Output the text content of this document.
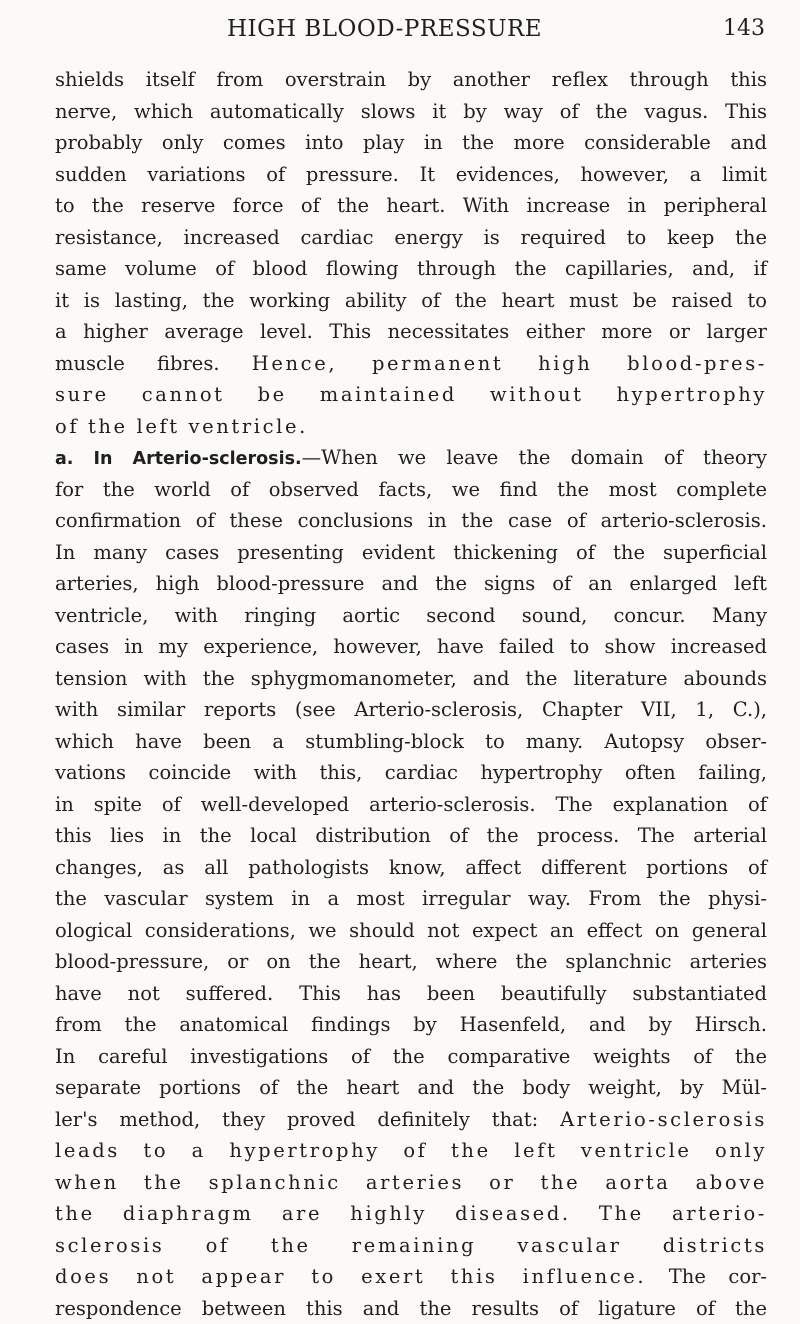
HIGH BLOOD-PRESSURE	143
shields itself from overstrain by another reflex through this
nerve, which automatically slows it by way of the vagus. This
probably only comes into play in the more considerable and
sudden variations of pressure. It evidences, however, a limit
to the reserve force of the heart. With increase in peripheral
resistance, increased cardiac energy is required to keep the
same volume of blood flowing through the capillaries, and, if
it is lasting, the working ability of the heart must be raised to
a higher average level. This necessitates either more or larger
muscle fibres. Hence, permanent high blood-pres-
sure cannot be maintained without hypertrophy
of the left ventricle.
a. In Arterio-sclerosis.—When we leave the domain of theory
for the world of observed facts, we find the most complete
confirmation of these conclusions in the case of arterio-sclerosis.
In many cases presenting evident thickening of the superficial
arteries, high blood-pressure and the signs of an enlarged left
ventricle, with ringing aortic second sound, concur. Many
cases in my experience, however, have failed to show increased
tension with the sphygmomanometer, and the literature abounds
with similar reports (see Arterio-sclerosis, Chapter VII, 1, C.),
which have been a stumbling-block to many. Autopsy obser-
vations coincide with this, cardiac hypertrophy often failing,
in spite of well-developed arterio-sclerosis. The explanation of
this lies in the local distribution of the process. The arterial
changes, as all pathologists know, affect different portions of
the vascular system in a most irregular way. From the physi-
ological considerations, we should not expect an effect on general
blood-pressure, or on the heart, where the splanchnic arteries
have not suffered. This has been beautifully substantiated
from the anatomical findings by Hasenfeld, and by Hirsch.
In careful investigations of the comparative weights of the
separate portions of the heart and the body weight, by Mül-
ler's method, they proved definitely that: Arterio-sclerosis
leads to a hypertrophy of the left ventricle only
when the splanchnic arteries or the aorta above
the diaphragm are highly diseased. The arterio-
sclerosis of the remaining vascular districts
does not appear to exert this influence. The cor-
respondence between this and the results of ligature of the
